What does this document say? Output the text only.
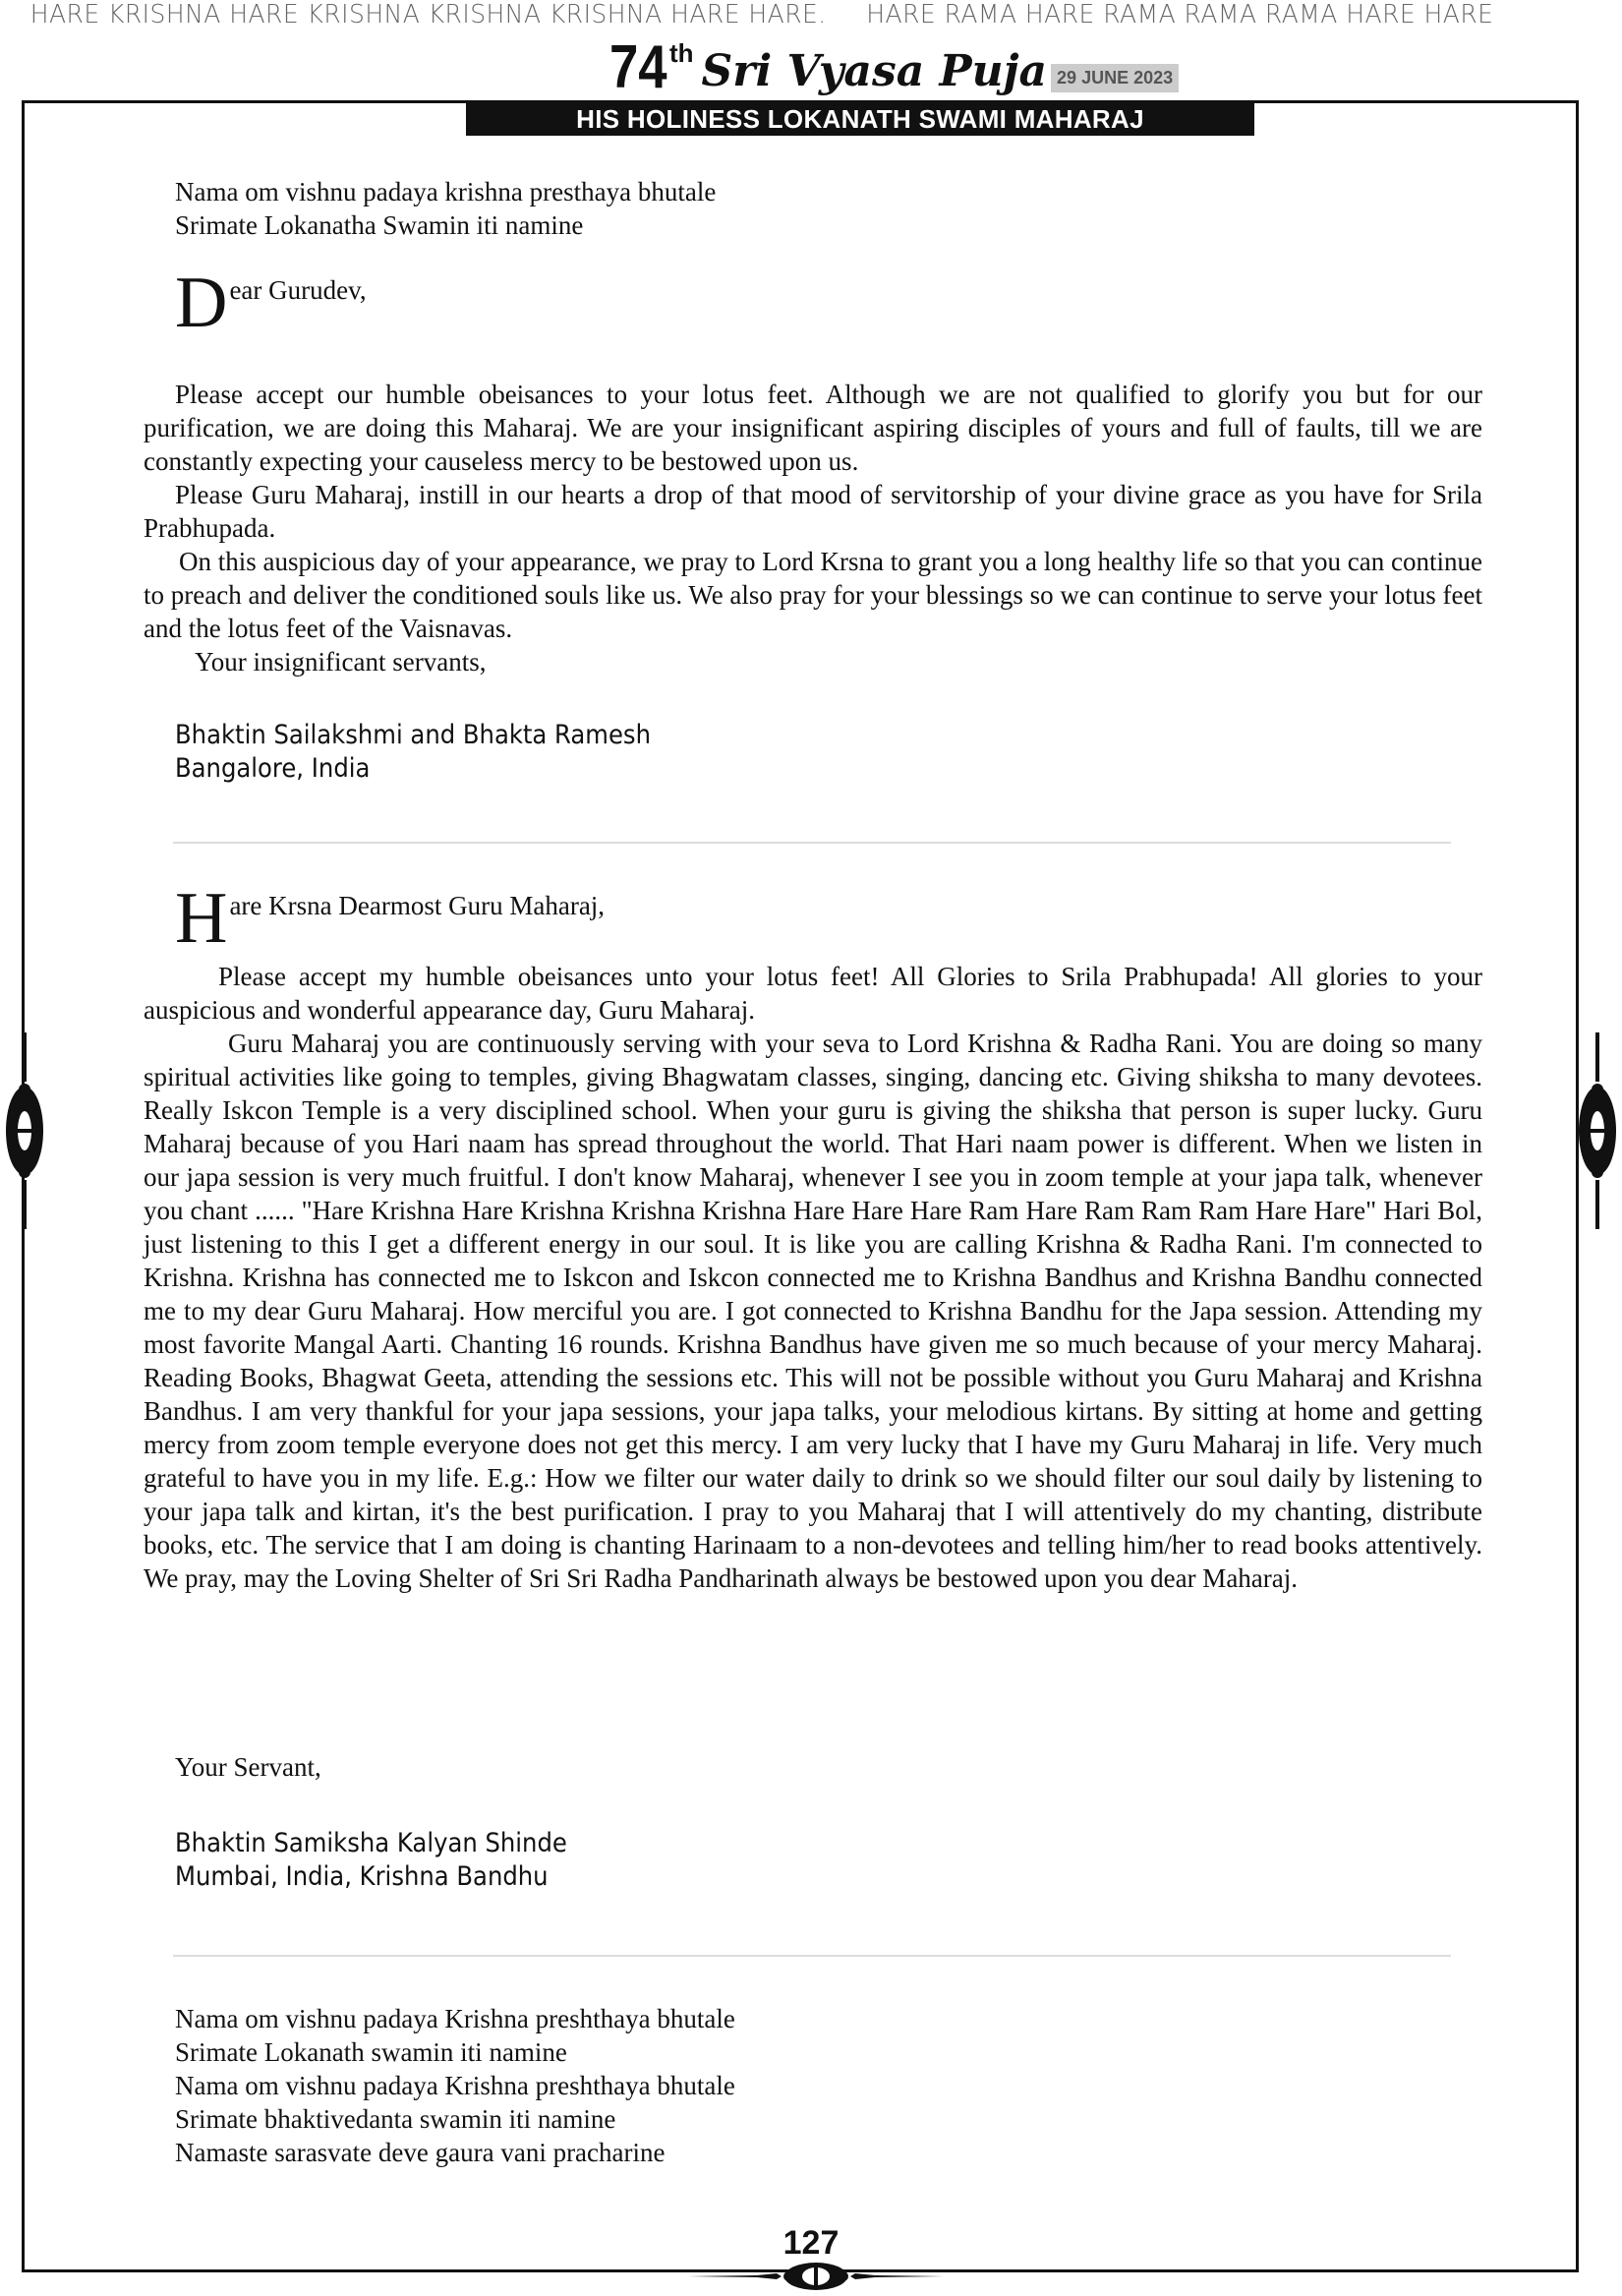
HARE KRISHNA HARE KRISHNA KRISHNA KRISHNA HARE HARE. HARE RAMA HARE RAMA RAMA RAMA HARE HARE
74 th Sri Vyasa Puja 29 JUNE 2023
HIS HOLINESS LOKANATH SWAMI MAHARAJ
Nama om vishnu padaya krishna presthaya bhutale
Srimate Lokanatha Swamin iti namine
D ear Gurudev,

Please accept our humble obeisances to your lotus feet. Although we are not qualified to glorify you but for our purification, we are doing this Maharaj. We are your insignificant aspiring disciples of yours and full of faults, till we are constantly expecting your causeless mercy to be bestowed upon us.

Please Guru Maharaj, instill in our hearts a drop of that mood of servitorship of your divine grace as you have for Srila Prabhupada.

On this auspicious day of your appearance, we pray to Lord Krsna to grant you a long healthy life so that you can continue to preach and deliver the conditioned souls like us. We also pray for your blessings so we can continue to serve your lotus feet and the lotus feet of the Vaisnavas.

Your insignificant servants,

Bhaktin Sailakshmi and Bhakta Ramesh
Bangalore, India
H are Krsna Dearmost Guru Maharaj,

Please accept my humble obeisances unto your lotus feet! All Glories to Srila Prabhupada! All glories to your auspicious and wonderful appearance day, Guru Maharaj.

Guru Maharaj you are continuously serving with your seva to Lord Krishna & Radha Rani. You are doing so many spiritual activities like going to temples, giving Bhagwatam classes, singing, dancing etc. Giving shiksha to many devotees. Really Iskcon Temple is a very disciplined school. When your guru is giving the shiksha that person is super lucky. Guru Maharaj because of you Hari naam has spread throughout the world. That Hari naam power is different. When we listen in our japa session is very much fruitful. I don't know Maharaj, whenever I see you in zoom temple at your japa talk, whenever you chant ...... "Hare Krishna Hare Krishna Krishna Krishna Hare Hare Hare Ram Hare Ram Ram Ram Hare Hare" Hari Bol, just listening to this I get a different energy in our soul. It is like you are calling Krishna & Radha Rani. I'm connected to Krishna. Krishna has connected me to Iskcon and Iskcon connected me to Krishna Bandhus and Krishna Bandhu connected me to my dear Guru Maharaj. How merciful you are. I got connected to Krishna Bandhu for the Japa session. Attending my most favorite Mangal Aarti. Chanting 16 rounds. Krishna Bandhus have given me so much because of your mercy Maharaj. Reading Books, Bhagwat Geeta, attending the sessions etc. This will not be possible without you Guru Maharaj and Krishna Bandhus. I am very thankful for your japa sessions, your japa talks, your melodious kirtans. By sitting at home and getting mercy from zoom temple everyone does not get this mercy. I am very lucky that I have my Guru Maharaj in life. Very much grateful to have you in my life. E.g.: How we filter our water daily to drink so we should filter our soul daily by listening to your japa talk and kirtan, it's the best purification. I pray to you Maharaj that I will attentively do my chanting, distribute books, etc. The service that I am doing is chanting Harinaam to a non-devotees and telling him/her to read books attentively. We pray, may the Loving Shelter of Sri Sri Radha Pandharinath always be bestowed upon you dear Maharaj.

Your Servant,
Bhaktin Samiksha Kalyan Shinde
Mumbai, India, Krishna Bandhu
Nama om vishnu padaya Krishna preshthaya bhutale
Srimate Lokanath swamin iti namine
Nama om vishnu padaya Krishna preshthaya bhutale
Srimate bhaktivedanta swamin iti namine
Namaste sarasvate deve gaura vani pracharine
127
